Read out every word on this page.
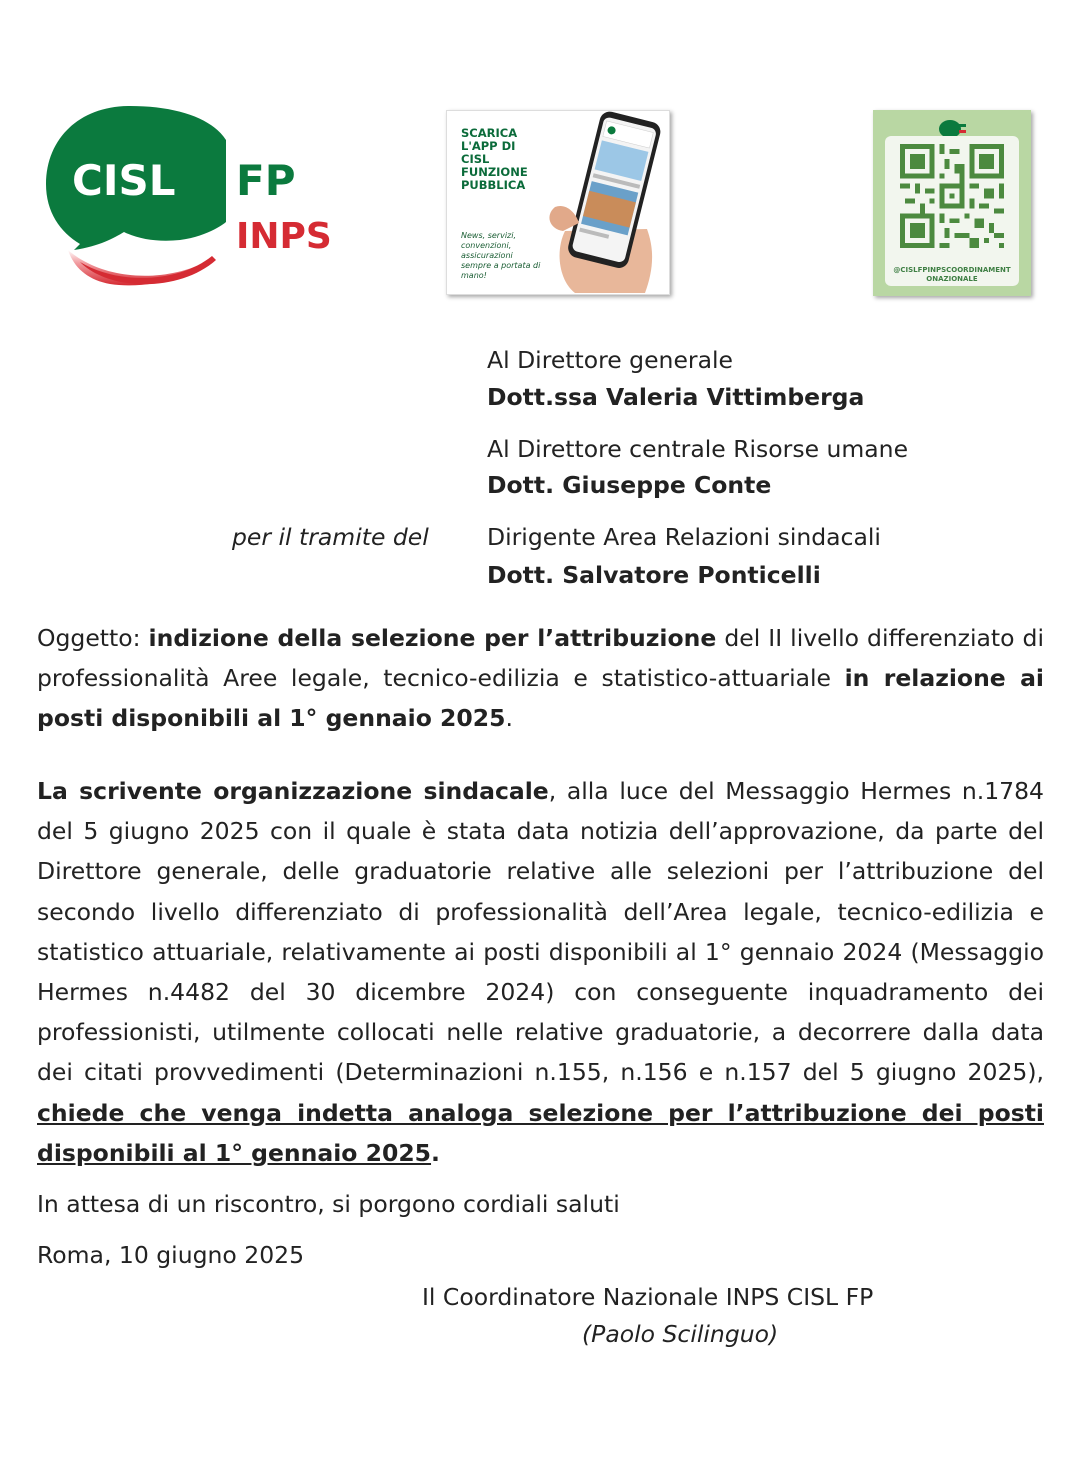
CISL FP
INPS
SCARICA L'APP DI CISL FUNZIONE PUBBLICA
News, servizi, convenzioni, assicurazioni sempre a portata di mano!
@CISLFPINPSCOORDINAMENTONAZIONALE
Al Direttore generale
Dott.ssa Valeria Vittimberga
Al Direttore centrale Risorse umane
Dott. Giuseppe Conte
per il tramite del Dirigente Area Relazioni sindacali
Dott. Salvatore Ponticelli
Oggetto: indizione della selezione per l’attribuzione del II livello differenziato di professionalità Aree legale, tecnico-edilizia e statistico-attuariale in relazione ai posti disponibili al 1° gennaio 2025.
La scrivente organizzazione sindacale, alla luce del Messaggio Hermes n.1784 del 5 giugno 2025 con il quale è stata data notizia dell’approvazione, da parte del Direttore generale, delle graduatorie relative alle selezioni per l’attribuzione del secondo livello differenziato di professionalità dell’Area legale, tecnico-edilizia e statistico attuariale, relativamente ai posti disponibili al 1° gennaio 2024 (Messaggio Hermes n.4482 del 30 dicembre 2024) con conseguente inquadramento dei professionisti, utilmente collocati nelle relative graduatorie, a decorrere dalla data dei citati provvedimenti (Determinazioni n.155, n.156 e n.157 del 5 giugno 2025), chiede che venga indetta analoga selezione per l’attribuzione dei posti disponibili al 1° gennaio 2025.
In attesa di un riscontro, si porgono cordiali saluti
Roma, 10 giugno 2025
Il Coordinatore Nazionale INPS CISL FP
(Paolo Scilinguo)
